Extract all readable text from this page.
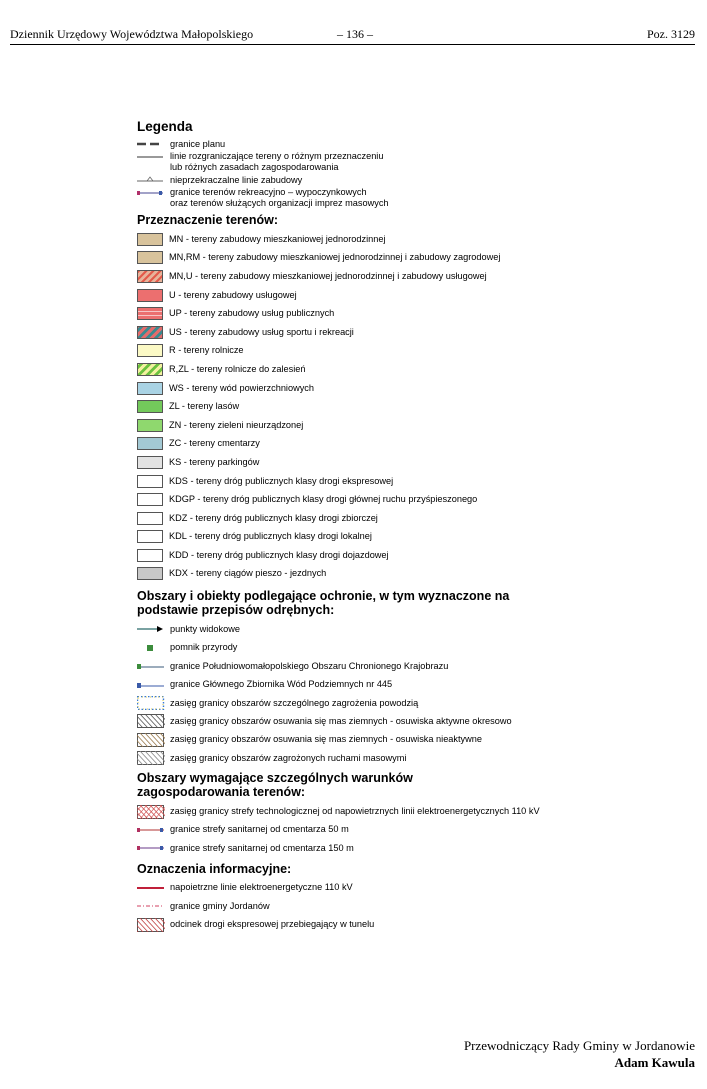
Dziennik Urzędowy Województwa Małopolskiego	– 136 –	Poz. 3129
Legenda
granice planu
linie rozgraniczające tereny o różnym przeznaczeniu
lub różnych zasadach zagospodarowania
nieprzekraczalne linie zabudowy
granice terenów rekreacyjno – wypoczynkowych
oraz terenów służących organizacji imprez masowych
Przeznaczenie terenów:
MN - tereny zabudowy mieszkaniowej jednorodzinnej
MN,RM - tereny zabudowy mieszkaniowej jednorodzinnej i zabudowy zagrodowej
MN,U - tereny zabudowy mieszkaniowej jednorodzinnej i zabudowy usługowej
U - tereny zabudowy usługowej
UP - tereny zabudowy usług publicznych
US - tereny zabudowy usług sportu i rekreacji
R - tereny rolnicze
R,ZL - tereny rolnicze do zalesień
WS - tereny wód powierzchniowych
ZL - tereny lasów
ZN - tereny zieleni nieurządzonej
ZC - tereny cmentarzy
KS - tereny parkingów
KDS - tereny dróg publicznych klasy drogi ekspresowej
KDGP - tereny dróg publicznych klasy drogi głównej ruchu przyśpieszonego
KDZ - tereny dróg publicznych klasy drogi zbiorczej
KDL - tereny dróg publicznych klasy drogi lokalnej
KDD - tereny dróg publicznych klasy drogi dojazdowej
KDX - tereny ciągów pieszo - jezdnych
Obszary i obiekty podlegające ochronie, w tym wyznaczone na
podstawie przepisów odrębnych:
punkty widokowe
pomnik przyrody
granice Południowomałopolskiego Obszaru Chronionego Krajobrazu
granice Głównego Zbiornika Wód Podziemnych nr 445
zasięg granicy obszarów szczególnego zagrożenia powodzią
zasięg granicy obszarów osuwania się mas ziemnych - osuwiska aktywne okresowo
zasięg granicy obszarów osuwania się mas ziemnych - osuwiska nieaktywne
zasięg granicy obszarów zagrożonych ruchami masowymi
Obszary wymagające szczególnych warunków
zagospodarowania terenów:
zasięg granicy strefy technologicznej od napowietrznych linii elektroenergetycznych 110 kV
granice strefy sanitarnej od cmentarza 50 m
granice strefy sanitarnej od cmentarza 150 m
Oznaczenia informacyjne:
napoietrzne linie elektroenergetyczne 110 kV
granice gminy Jordanów
odcinek drogi ekspresowej przebiegający w tunelu
Przewodniczący Rady Gminy w Jordanowie
Adam Kawula
